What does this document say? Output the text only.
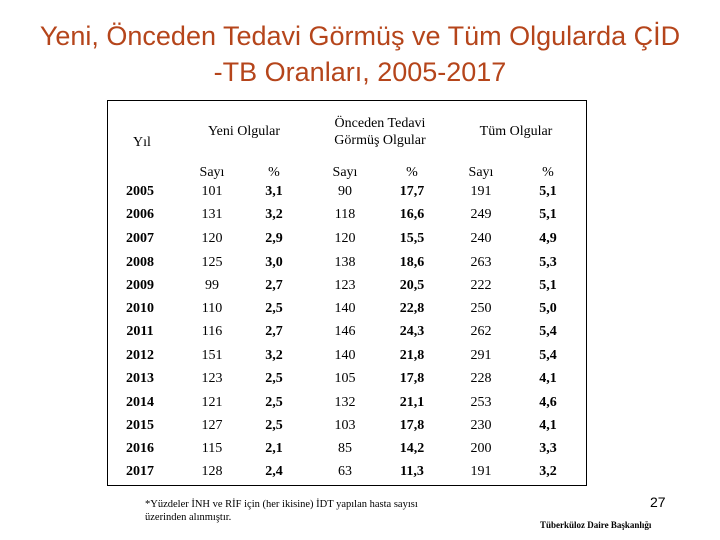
Yeni, Önceden Tedavi Görmüş ve Tüm Olgularda ÇİD
-TB Oranları, 2005-2017
Yıl
Yeni Olgular
Önceden Tedavi
Görmüş Olgular
Tüm Olgular
Sayı	%	Sayı	%	Sayı	%
2005	101	3,1	90	17,7	191	5,1
2006	131	3,2	118	16,6	249	5,1
2007	120	2,9	120	15,5	240	4,9
2008	125	3,0	138	18,6	263	5,3
2009	99	2,7	123	20,5	222	5,1
2010	110	2,5	140	22,8	250	5,0
2011	116	2,7	146	24,3	262	5,4
2012	151	3,2	140	21,8	291	5,4
2013	123	2,5	105	17,8	228	4,1
2014	121	2,5	132	21,1	253	4,6
2015	127	2,5	103	17,8	230	4,1
2016	115	2,1	85	14,2	200	3,3
2017	128	2,4	63	11,3	191	3,2
*Yüzdeler İNH ve RİF için (her ikisine) İDT yapılan hasta sayısı
üzerinden alınmıştır.
27
Tüberküloz Daire Başkanlığı
